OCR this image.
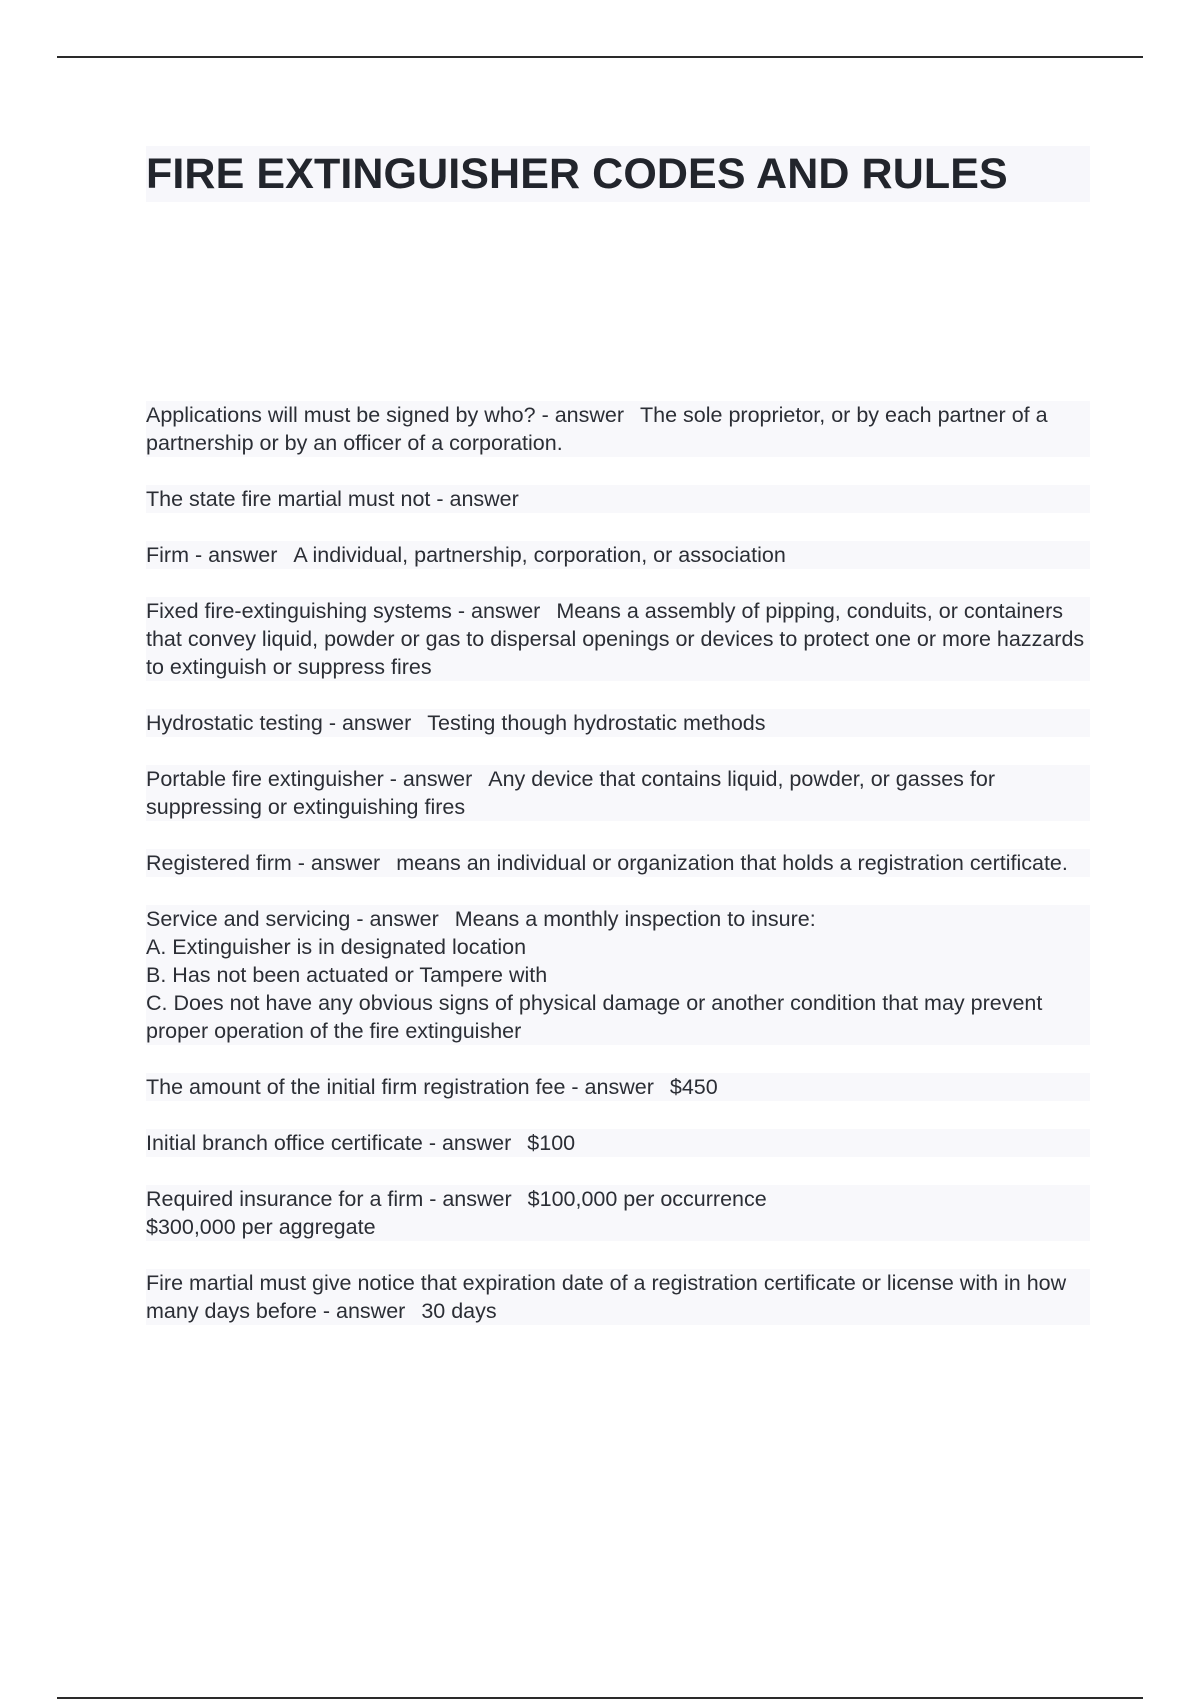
FIRE EXTINGUISHER CODES AND RULES

Applications will must be signed by who? - answer The sole proprietor, or by each partner of a partnership or by an officer of a corporation.

The state fire martial must not - answer

Firm - answer A individual, partnership, corporation, or association

Fixed fire-extinguishing systems - answer Means a assembly of pipping, conduits, or containers that convey liquid, powder or gas to dispersal openings or devices to protect one or more hazzards to extinguish or suppress fires

Hydrostatic testing - answer Testing though hydrostatic methods

Portable fire extinguisher - answer Any device that contains liquid, powder, or gasses for suppressing or extinguishing fires

Registered firm - answer means an individual or organization that holds a registration certificate.

Service and servicing - answer Means a monthly inspection to insure:
A. Extinguisher is in designated location
B. Has not been actuated or Tampere with
C. Does not have any obvious signs of physical damage or another condition that may prevent proper operation of the fire extinguisher

The amount of the initial firm registration fee - answer $450

Initial branch office certificate - answer $100

Required insurance for a firm - answer $100,000 per occurrence
$300,000 per aggregate

Fire martial must give notice that expiration date of a registration certificate or license with in how many days before - answer 30 days
